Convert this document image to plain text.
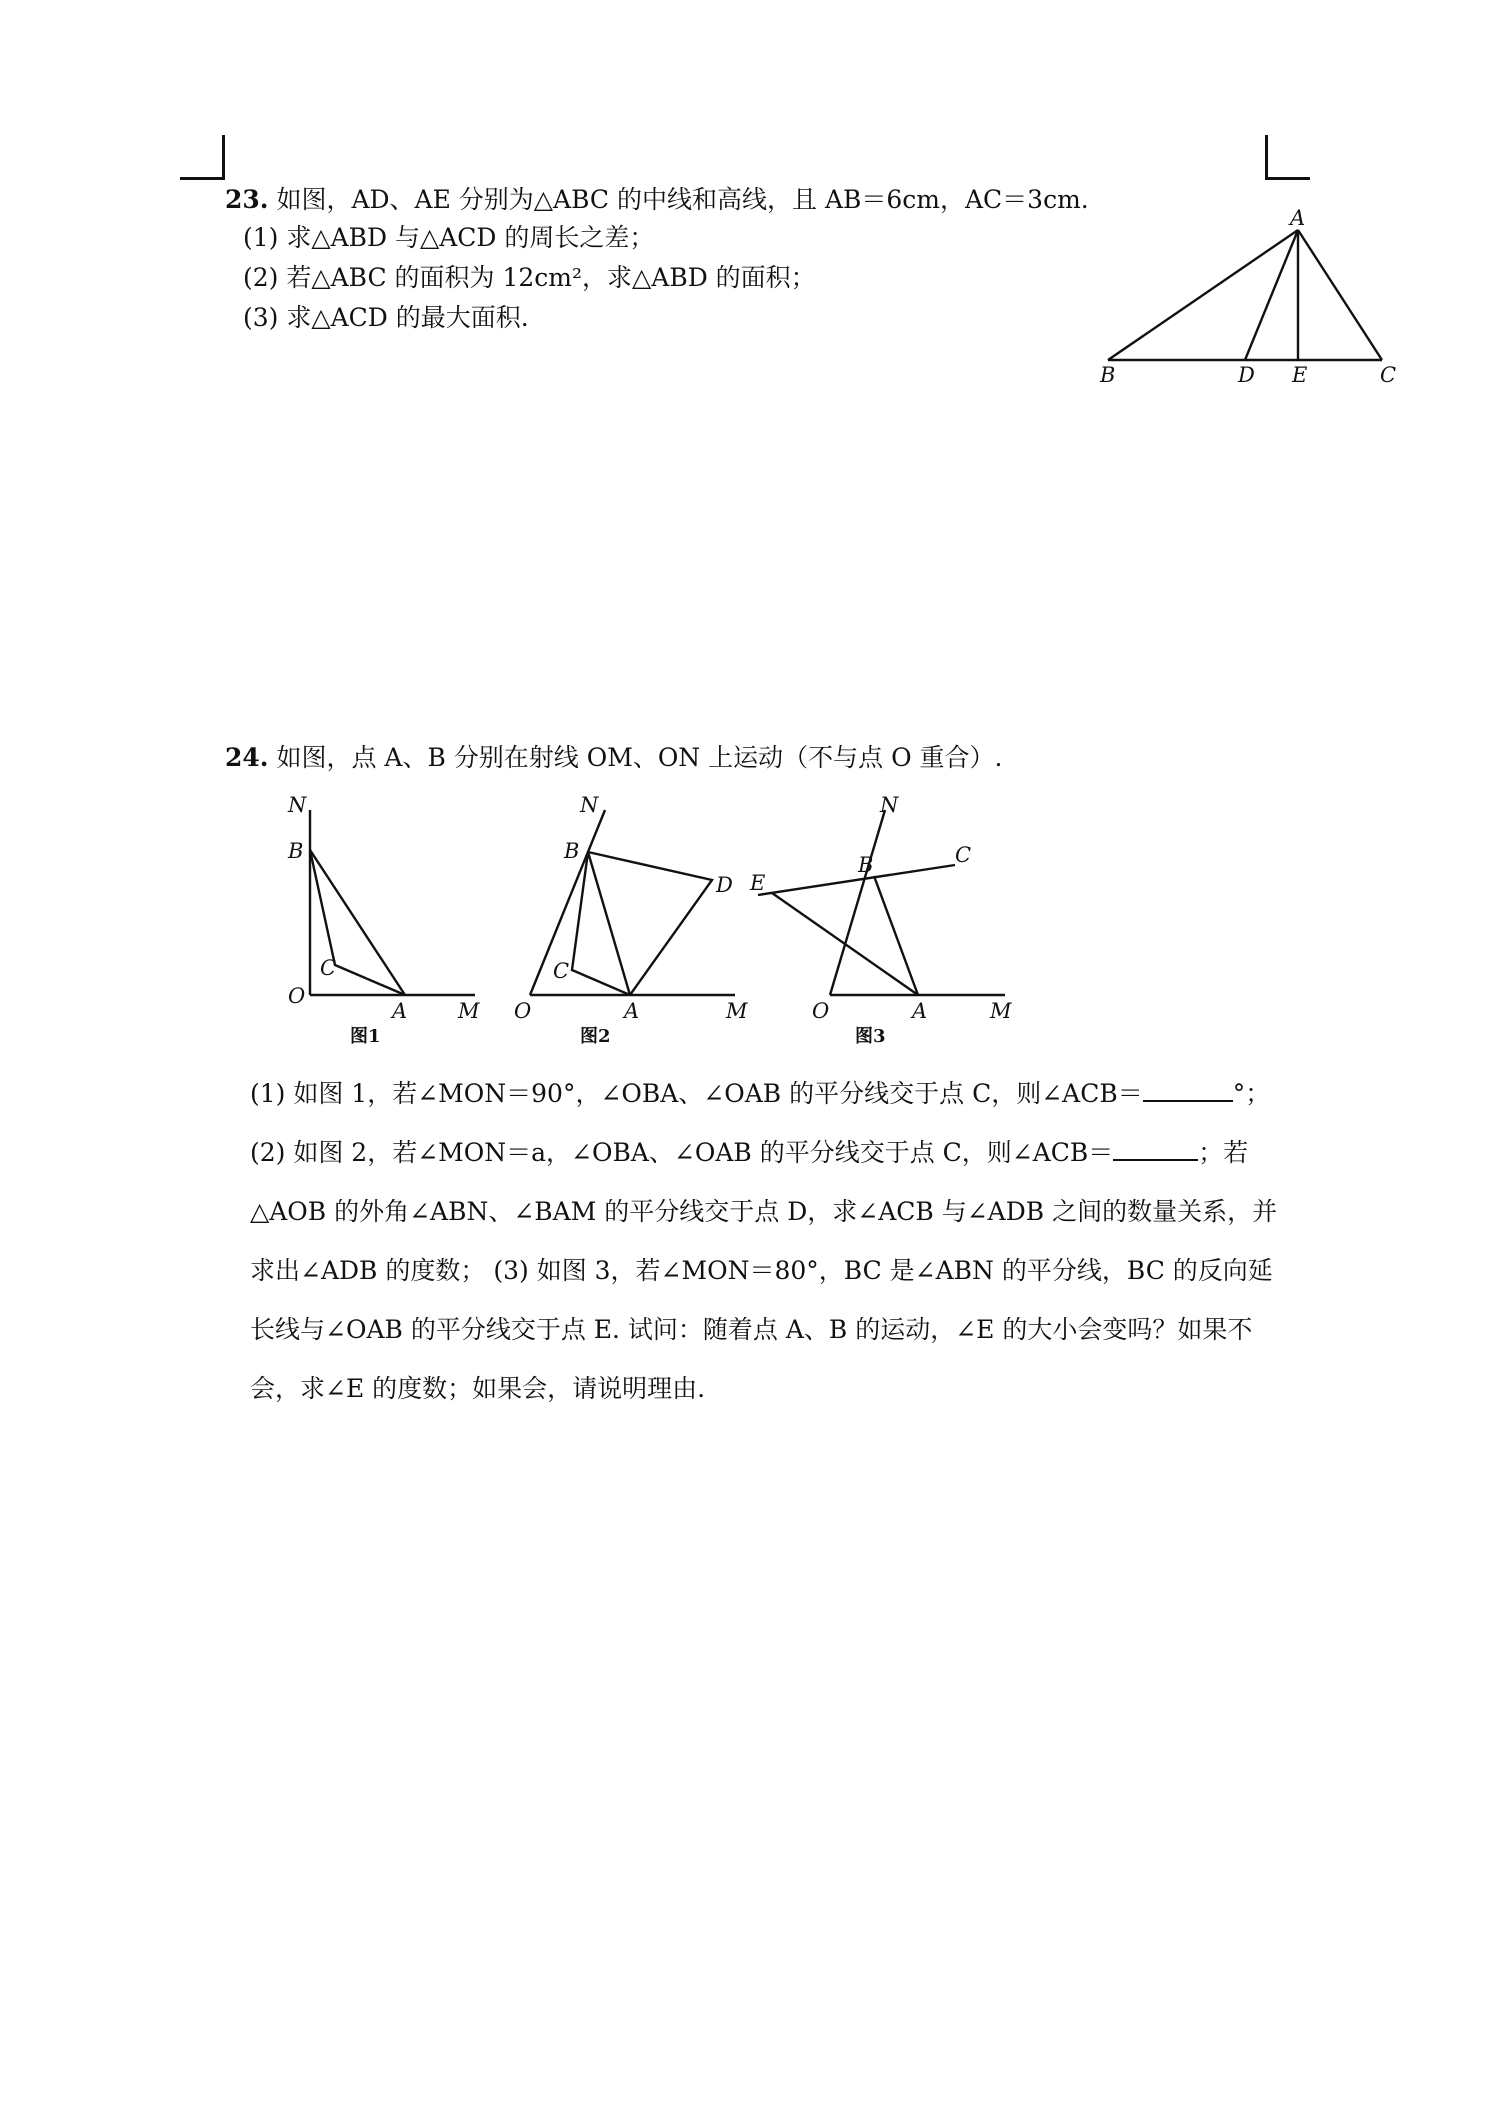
23. 如图，AD、AE 分别为△ABC 的中线和高线，且 AB＝6cm，AC＝3cm.
(1) 求△ABD 与△ACD 的周长之差；
(2) 若△ABC 的面积为 12cm²，求△ABD 的面积；
(3) 求△ACD 的最大面积.
A
B	D E	C
24. 如图，点 A、B 分别在射线 OM、ON 上运动（不与点 O 重合）.
N
B
C
O
A M
图1
N
B
D
C
O	A	M
图2
N
B	C
E
O	A	M
图3
(1) 如图 1，若∠MON＝90°，∠OBA、∠OAB 的平分线交于点 C，则∠ACB＝	°；
(2) 如图 2，若∠MON＝a，∠OBA、∠OAB 的平分线交于点 C，则∠ACB＝	；若△AOB 的外角∠ABN、∠BAM 的平分线交于点 D，求∠ACB 与∠ADB 之间的数量关系，并求出∠ADB 的度数； (3) 如图 3，若∠MON＝80°，BC 是∠ABN 的平分线，BC 的反向延长线与∠OAB 的平分线交于点 E. 试问：随着点 A、B 的运动，∠E 的大小会变吗？如果不会，求∠E 的度数；如果会，请说明理由.
